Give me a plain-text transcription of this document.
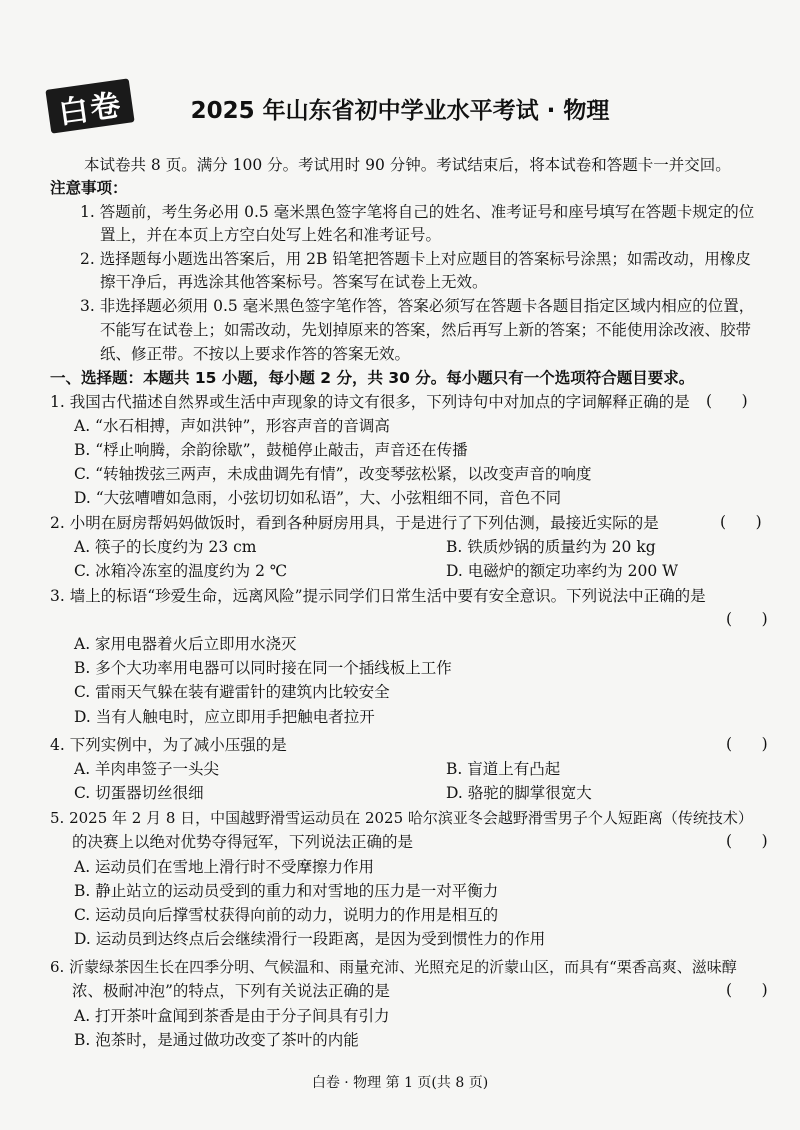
白卷	2025 年山东省初中学业水平考试 · 物理
本试卷共 8 页。满分 100 分。考试用时 90 分钟。考试结束后，将本试卷和答题卡一并交回。
注意事项：
1. 答题前，考生务必用 0.5 毫米黑色签字笔将自己的姓名、准考证号和座号填写在答题卡规定的位
置上，并在本页上方空白处写上姓名和准考证号。
2. 选择题每小题选出答案后，用 2B 铅笔把答题卡上对应题目的答案标号涂黑；如需改动，用橡皮
擦干净后，再选涂其他答案标号。答案写在试卷上无效。
3. 非选择题必须用 0.5 毫米黑色签字笔作答，答案必须写在答题卡各题目指定区域内相应的位置，
不能写在试卷上；如需改动，先划掉原来的答案，然后再写上新的答案；不能使用涂改液、胶带
纸、修正带。不按以上要求作答的答案无效。
一、选择题：本题共 15 小题，每小题 2 分，共 30 分。每小题只有一个选项符合题目要求。
1. 我国古代描述自然界或生活中声现象的诗文有很多，下列诗句中对加点的字词解释正确的是 (      )
A. “水石相搏，声如洪钟”，形容声音的音调高
B. “桴止响腾，余韵徐歇”，鼓槌停止敲击，声音还在传播
C. “转轴拨弦三两声，未成曲调先有情”，改变琴弦松紧，以改变声音的响度
D. “大弦嘈嘈如急雨，小弦切切如私语”，大、小弦粗细不同，音色不同
2. 小明在厨房帮妈妈做饭时，看到各种厨房用具，于是进行了下列估测，最接近实际的是	(      )
A. 筷子的长度约为 23 cm	B. 铁质炒锅的质量约为 20 kg
C. 冰箱冷冻室的温度约为 2 ℃	D. 电磁炉的额定功率约为 200 W
3. 墙上的标语“珍爱生命，远离风险”提示同学们日常生活中要有安全意识。下列说法中正确的是
(      )
A. 家用电器着火后立即用水浇灭
B. 多个大功率用电器可以同时接在同一个插线板上工作
C. 雷雨天气躲在装有避雷针的建筑内比较安全
D. 当有人触电时，应立即用手把触电者拉开
4. 下列实例中，为了减小压强的是	(      )
A. 羊肉串签子一头尖	B. 盲道上有凸起
C. 切蛋器切丝很细	D. 骆驼的脚掌很宽大
5. 2025 年 2 月 8 日，中国越野滑雪运动员在 2025 哈尔滨亚冬会越野滑雪男子个人短距离（传统技术）
的决赛上以绝对优势夺得冠军，下列说法正确的是	(      )
A. 运动员们在雪地上滑行时不受摩擦力作用
B. 静止站立的运动员受到的重力和对雪地的压力是一对平衡力
C. 运动员向后撑雪杖获得向前的动力，说明力的作用是相互的
D. 运动员到达终点后会继续滑行一段距离，是因为受到惯性力的作用
6. 沂蒙绿茶因生长在四季分明、气候温和、雨量充沛、光照充足的沂蒙山区，而具有“栗香高爽、滋味醇
浓、极耐冲泡”的特点，下列有关说法正确的是	(      )
A. 打开茶叶盒闻到茶香是由于分子间具有引力
B. 泡茶时，是通过做功改变了茶叶的内能
白卷 · 物理 第 1 页(共 8 页)
